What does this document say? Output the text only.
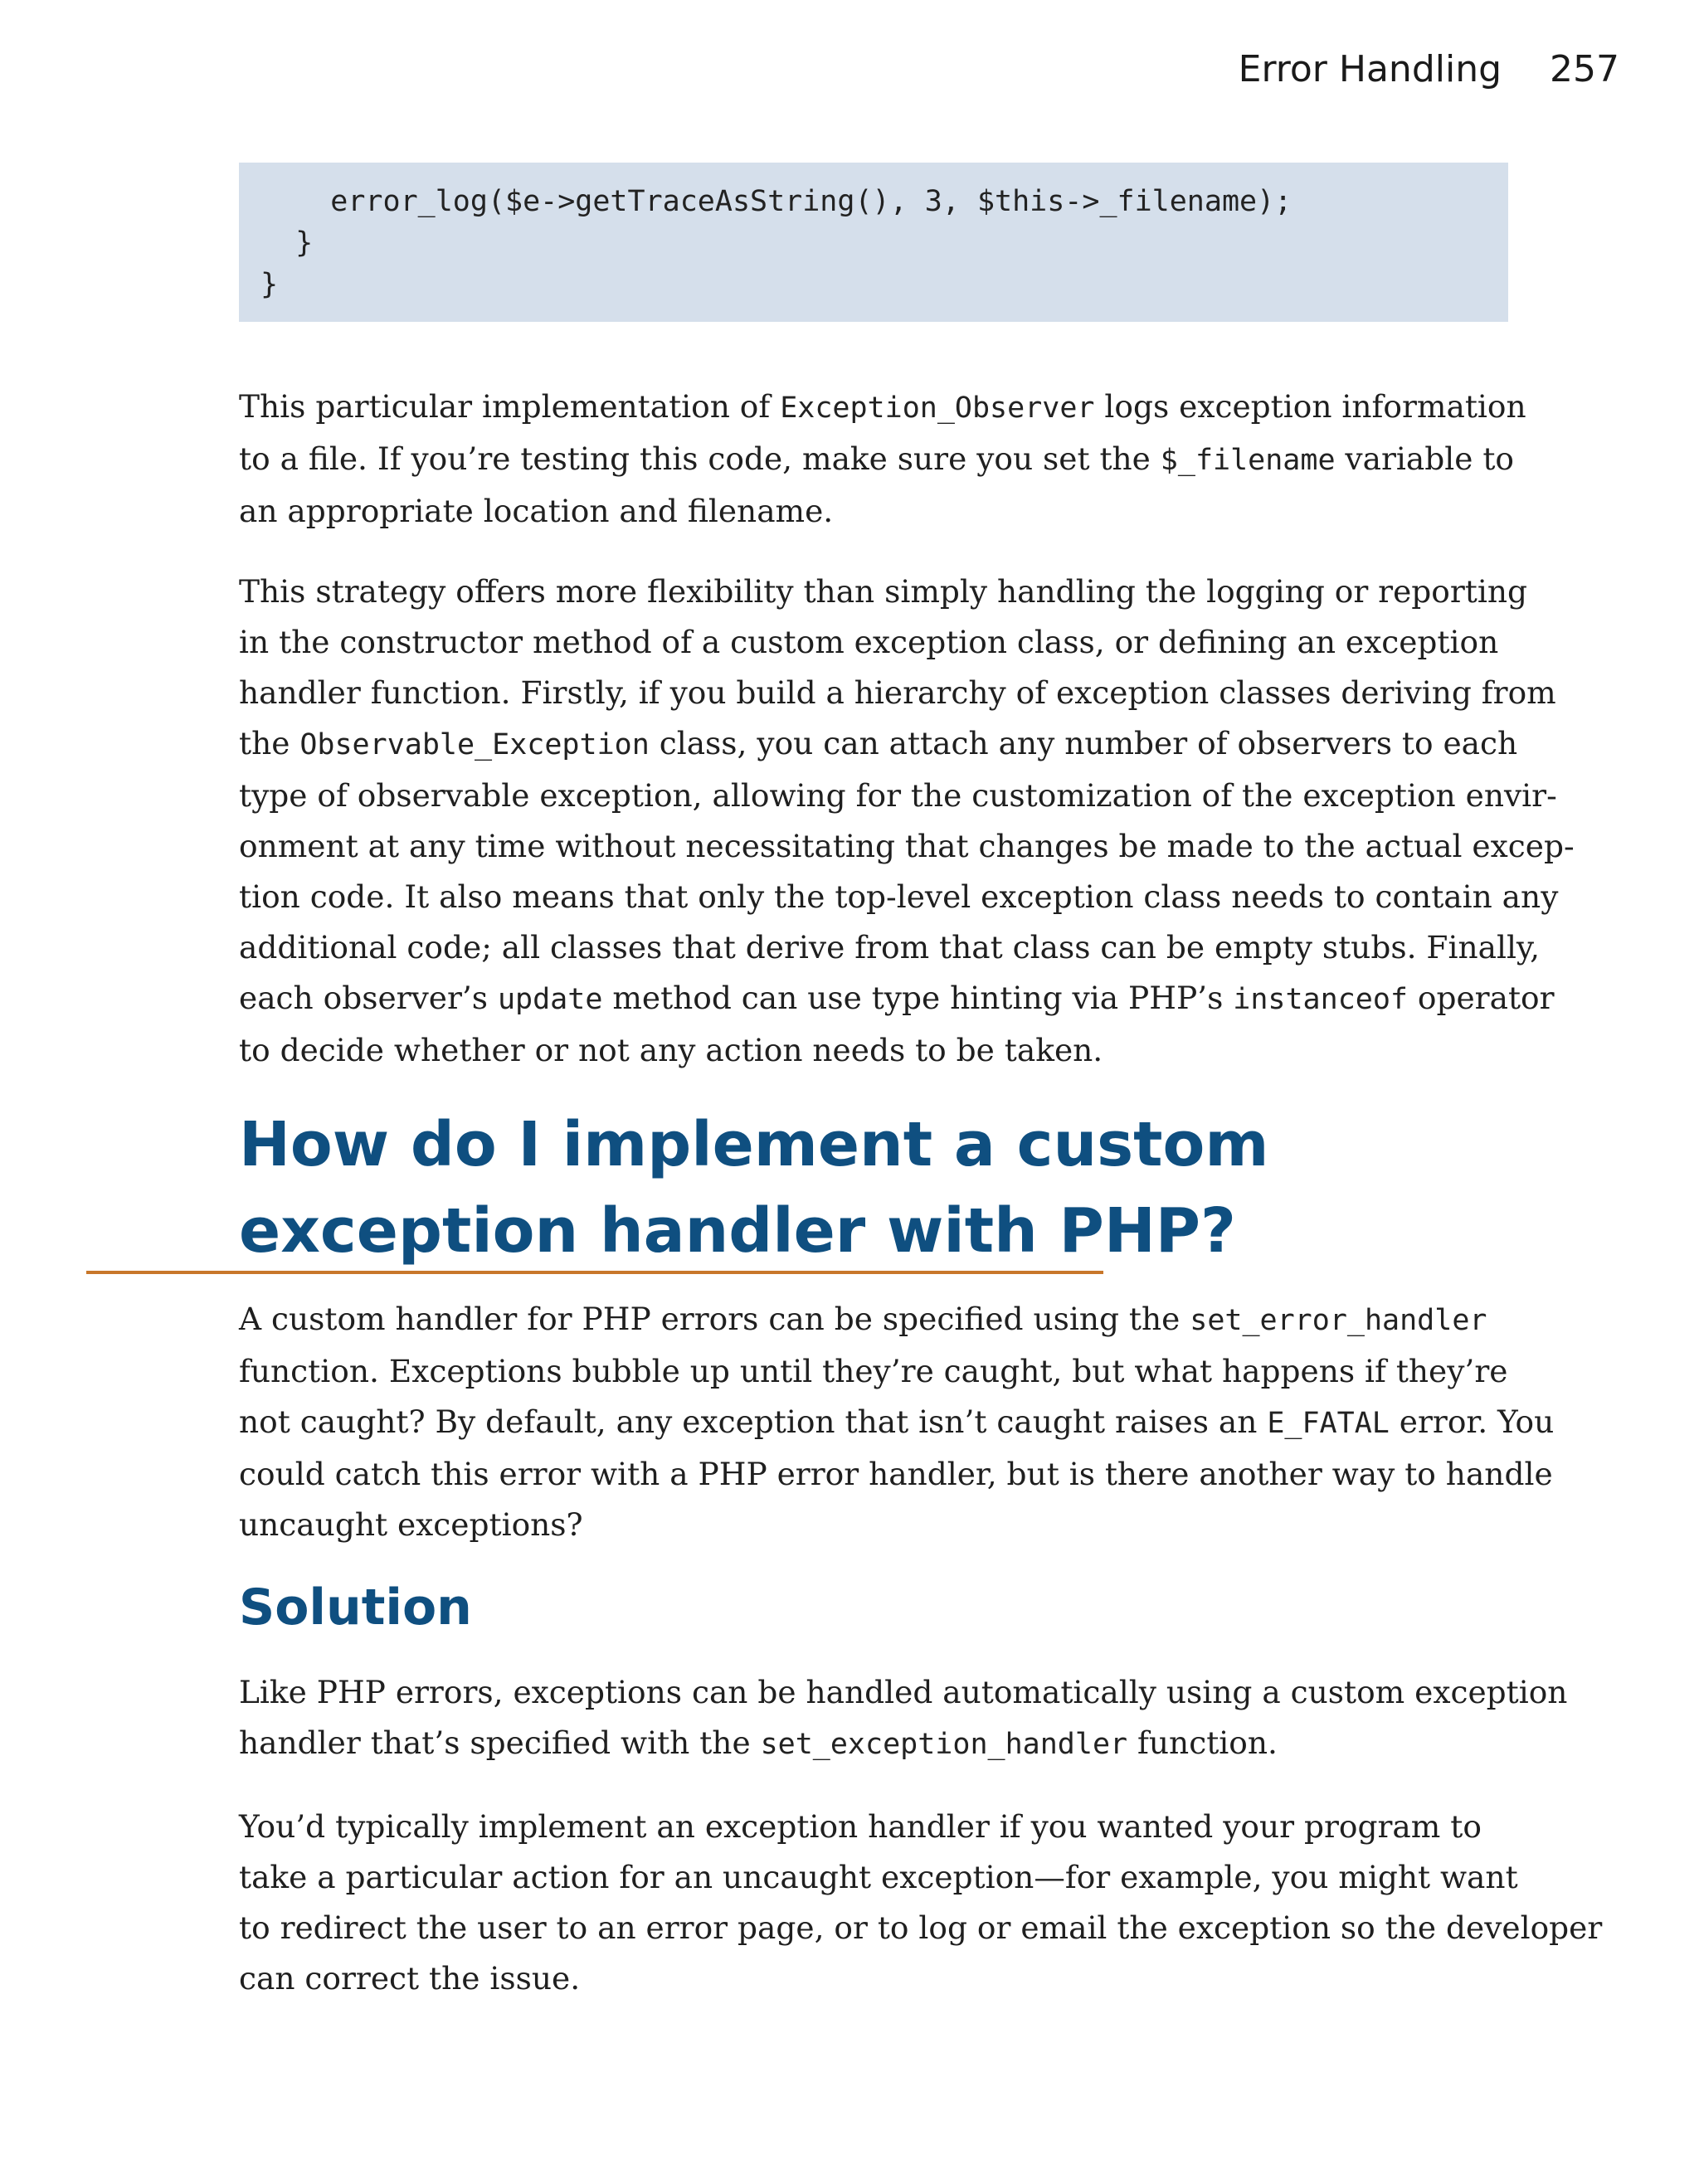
Error Handling 257
error_log($e->getTraceAsString(), 3, $this->_filename);
}
}

This particular implementation of Exception_Observer logs exception information
to a file. If you’re testing this code, make sure you set the $_filename variable to
an appropriate location and filename.

This strategy offers more flexibility than simply handling the logging or reporting
in the constructor method of a custom exception class, or defining an exception
handler function. Firstly, if you build a hierarchy of exception classes deriving from
the Observable_Exception class, you can attach any number of observers to each
type of observable exception, allowing for the customization of the exception envir-
onment at any time without necessitating that changes be made to the actual excep-
tion code. It also means that only the top-level exception class needs to contain any
additional code; all classes that derive from that class can be empty stubs. Finally,
each observer’s update method can use type hinting via PHP’s instanceof operator
to decide whether or not any action needs to be taken.

How do I implement a custom
exception handler with PHP?

A custom handler for PHP errors can be specified using the set_error_handler
function. Exceptions bubble up until they’re caught, but what happens if they’re
not caught? By default, any exception that isn’t caught raises an E_FATAL error. You
could catch this error with a PHP error handler, but is there another way to handle
uncaught exceptions?

Solution

Like PHP errors, exceptions can be handled automatically using a custom exception
handler that’s specified with the set_exception_handler function.

You’d typically implement an exception handler if you wanted your program to
take a particular action for an uncaught exception—for example, you might want
to redirect the user to an error page, or to log or email the exception so the developer
can correct the issue.
